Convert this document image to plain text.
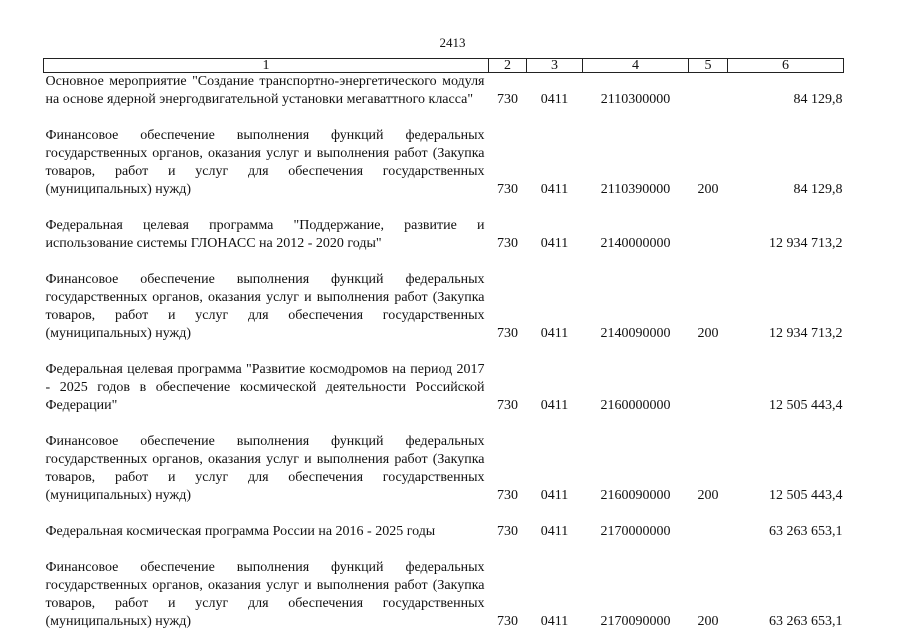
2413
1	2	3	4	5	6
Основное мероприятие "Создание транспортно-энергетического модуля на основе ядерной энергодвигательной установки мегаваттного класса"	730	0411	2110300000		84 129,8
Финансовое обеспечение выполнения функций федеральных государственных органов, оказания услуг и выполнения работ (Закупка товаров, работ и услуг для обеспечения государственных (муниципальных) нужд)	730	0411	2110390000	200	84 129,8
Федеральная целевая программа "Поддержание, развитие и использование системы ГЛОНАСС на 2012 - 2020 годы"	730	0411	2140000000		12 934 713,2
Финансовое обеспечение выполнения функций федеральных государственных органов, оказания услуг и выполнения работ (Закупка товаров, работ и услуг для обеспечения государственных (муниципальных) нужд)	730	0411	2140090000	200	12 934 713,2
Федеральная целевая программа "Развитие космодромов на период 2017 - 2025 годов в обеспечение космической деятельности Российской Федерации"	730	0411	2160000000		12 505 443,4
Финансовое обеспечение выполнения функций федеральных государственных органов, оказания услуг и выполнения работ (Закупка товаров, работ и услуг для обеспечения государственных (муниципальных) нужд)	730	0411	2160090000	200	12 505 443,4
Федеральная космическая программа России на 2016 - 2025 годы	730	0411	2170000000		63 263 653,1
Финансовое обеспечение выполнения функций федеральных государственных органов, оказания услуг и выполнения работ (Закупка товаров, работ и услуг для обеспечения государственных (муниципальных) нужд)	730	0411	2170090000	200	63 263 653,1
